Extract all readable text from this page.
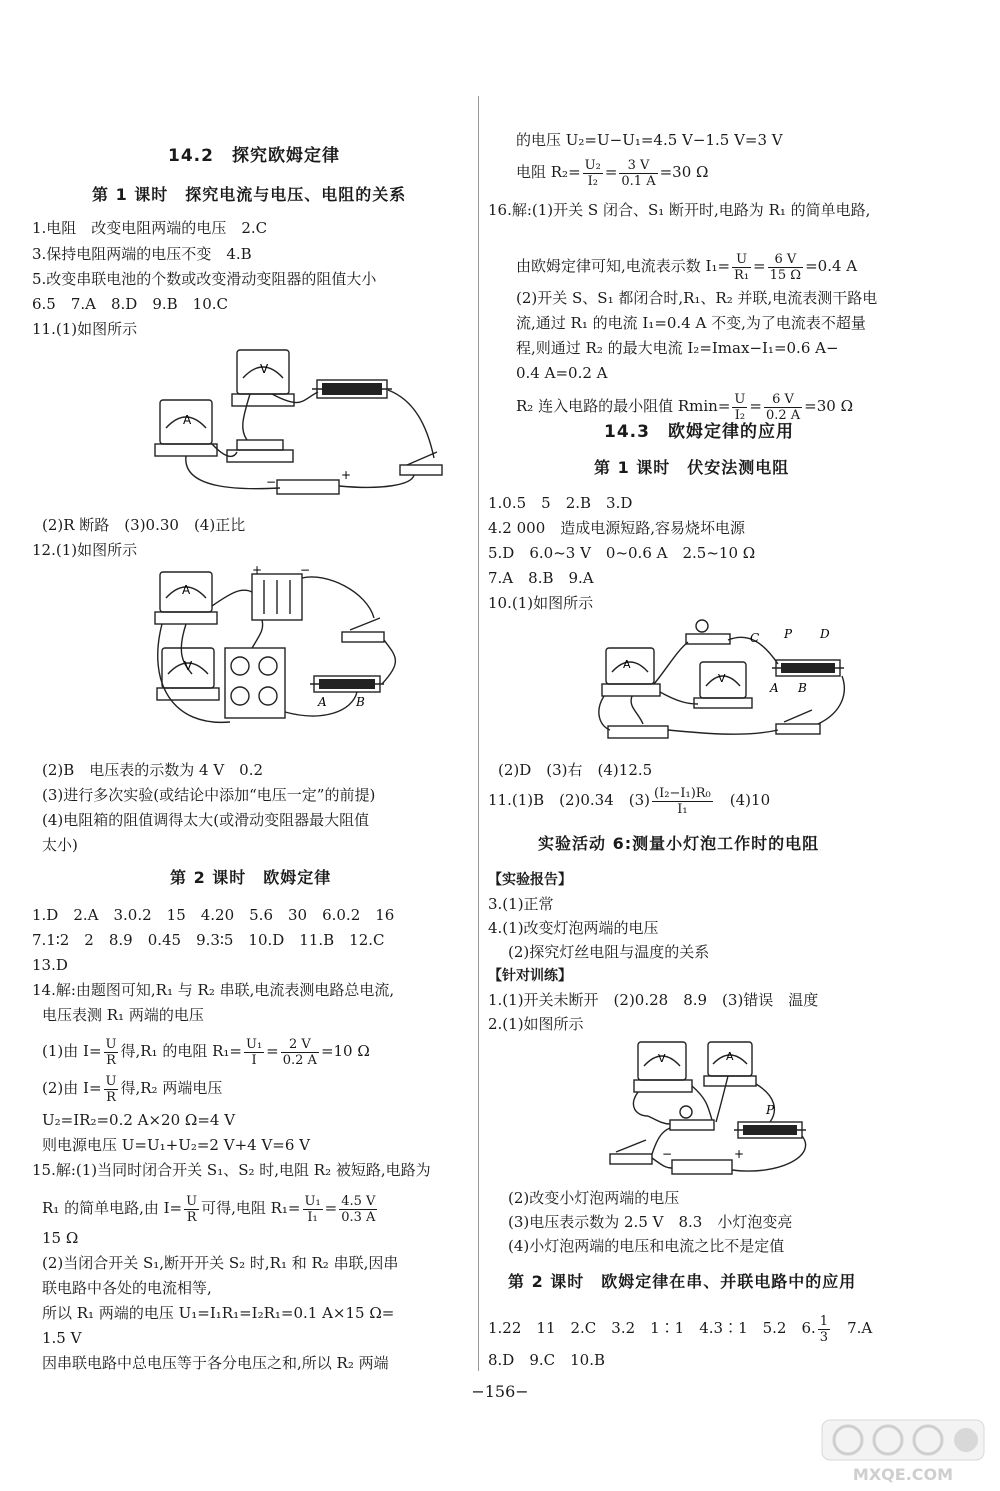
14.2　探究欧姆定律
第 1 课时　探究电流与电压、电阻的关系
1.电阻　改变电阻两端的电压　2.C
3.保持电阻两端的电压不变　4.B
5.改变串联电池的个数或改变滑动变阻器的阻值大小
6.5　7.A　8.D　9.B　10.C
11.(1)如图所示
V
A
+
−
(2)R 断路　(3)0.30　(4)正比
12.(1)如图所示
A
V
+	−
A B
(2)B　电压表的示数为 4 V　0.2
(3)进行多次实验(或结论中添加“电压一定”的前提)
(4)电阻箱的阻值调得太大(或滑动变阻器最大阻值
太小)
第 2 课时　欧姆定律
1.D　2.A　3.0.2　15　4.20　5.6　30　6.0.2　16
7.1∶2　2　8.9　0.45　9.3∶5　10.D　11.B　12.C
13.D
14.解:由题图可知,R₁ 与 R₂ 串联,电流表测电路总电流,
电压表测 R₁ 两端的电压
(1)由 $I= \frac{U}{R}$ 得,R₁ 的电阻 $R_1= \frac{\text{U₁}}{I} = \frac{2 V}{0.2 A} =10$ Ω
(2)由 $I= \frac{U}{R}$ 得,R₂ 两端电压
U₂=IR₂=0.2 A×20 Ω=4 V
则电源电压 U=U₁+U₂=2 V+4 V=6 V
15.解:(1)当同时闭合开关 S₁、S₂ 时,电阻 R₂ 被短路,电路为
R₁ 的简单电路,由 $I= \frac{U}{R}$ 可得,电阻 $R_1= \frac{\text{U₁}}{\text{I₁}} = \frac{4.5 V}{0.3 A}$
15 Ω
(2)当闭合开关 S₁,断开开关 S₂ 时,R₁ 和 R₂ 串联,因串
联电路中各处的电流相等,
所以 R₁ 两端的电压 U₁=I₁R₁=I₂R₁=0.1 A×15 Ω=
1.5 V
因串联电路中总电压等于各分电压之和,所以 R₂ 两端
的电压 U₂=U−U₁=4.5 V−1.5 V=3 V
电阻 $R_2= \frac{\text{U₂}}{\text{I₂}} = \frac{3 V}{0.1 A} =30$ Ω
16.解:(1)开关 S 闭合、S₁ 断开时,电路为 R₁ 的简单电路,
由欧姆定律可知,电流表示数 $I_1= \frac{U}{\text{R₁}} = \frac{6 V}{15 \Omega} =0.4$ A
(2)开关 S、S₁ 都闭合时,R₁、R₂ 并联,电流表测干路电
流,通过 R₁ 的电流 I₁=0.4 A 不变,为了电流表不超量
程,则通过 R₂ 的最大电流 I₂=Imax−I₁=0.6 A−
0.4 A=0.2 A
R₂ 连入电路的最小阻值 $Rmin= \frac{U}{\text{I₂}} = \frac{6 V}{0.2 A} =30$ Ω
14.3　欧姆定律的应用
第 1 课时　伏安法测电阻
1.0.5　5　2.B　3.D
4.2 000　造成电源短路,容易烧坏电源
5.D　6.0~3 V　0~0.6 A　2.5~10 Ω
7.A　8.B　9.A
10.(1)如图所示
A
V
C P D
A B
(2)D　(3)右　(4)12.5
11.(1)B　(2)0.34　$(3) \frac{\text{(I₂−I₁)R₀}}{\text{I₁}}$
　 (4)10
实验活动 6:测量小灯泡工作时的电阻
【实验报告】
3.(1)正常
4.(1)改变灯泡两端的电压
(2)探究灯丝电阻与温度的关系
【针对训练】
1.(1)开关未断开　(2)0.28　8.9　(3)错误　温度
2.(1)如图所示
V	A
P
+
−
(2)改变小灯泡两端的电压
(3)电压表示数为 2.5 V　8.3　小灯泡变亮
(4)小灯泡两端的电压和电流之比不是定值
第 2 课时　欧姆定律在串、并联电路中的应用
1.22　11　2.C　3.2　1∶1　4.3∶1　5.2　6. $\frac{1}{3}$
　 7.A
8.D　9.C　10.B
−156−
MXQE.COM
